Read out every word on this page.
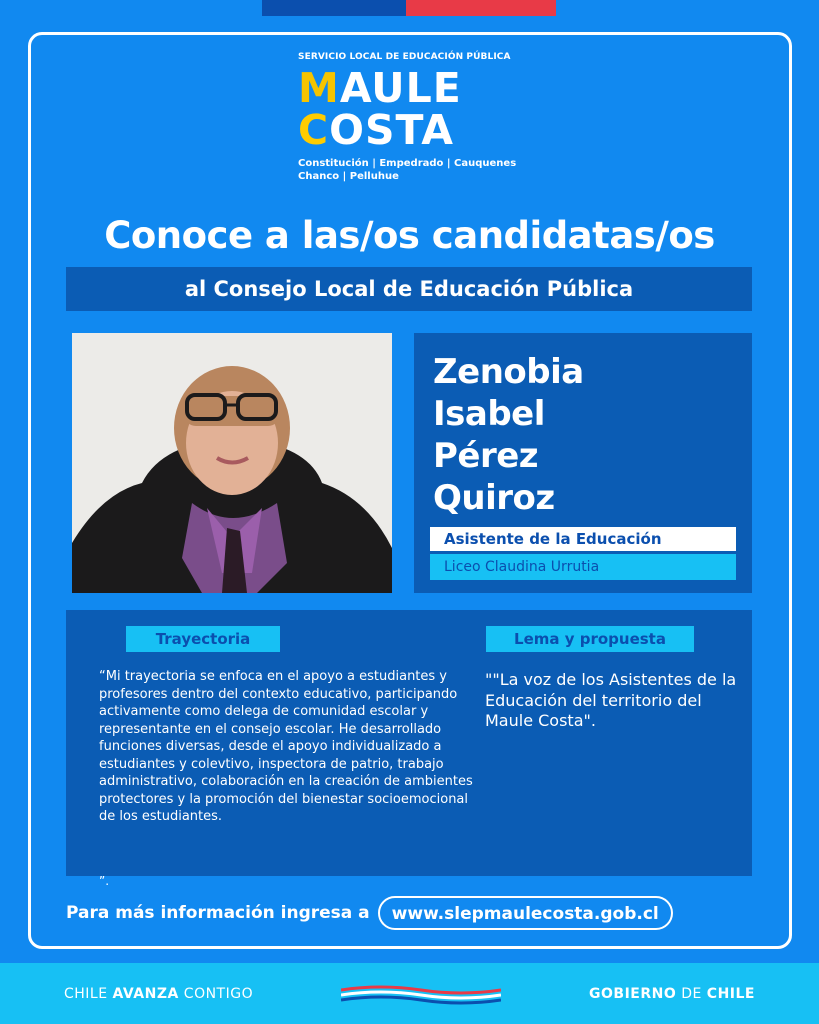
SERVICIO LOCAL DE EDUCACIÓN PÚBLICA
MAULE
COSTA
Constitución | Empedrado | Cauquenes
Chanco | Pelluhue
Conoce a las/os candidatas/os
al Consejo Local de Educación Pública
Zenobia
Isabel
Pérez
Quiroz
Asistente de la Educación
Liceo Claudina Urrutia
Trayectoria	Lema y propuesta
“Mi trayectoria se enfoca en el apoyo a estudiantes y profesores dentro del contexto educativo, participando activamente como delega de comunidad escolar y representante en el consejo escolar. He desarrollado funciones diversas, desde el apoyo individualizado a estudiantes y colevtivo, inspectora de patrio, trabajo administrativo, colaboración en la creación de ambientes protectores y la promoción del bienestar socioemocional de los estudiantes.
""La voz de los Asistentes de la Educación del territorio del Maule Costa".
”.
Para más información ingresa a	www.slepmaulecosta.gob.cl
CHILE AVANZA CONTIGO	GOBIERNO DE CHILE
